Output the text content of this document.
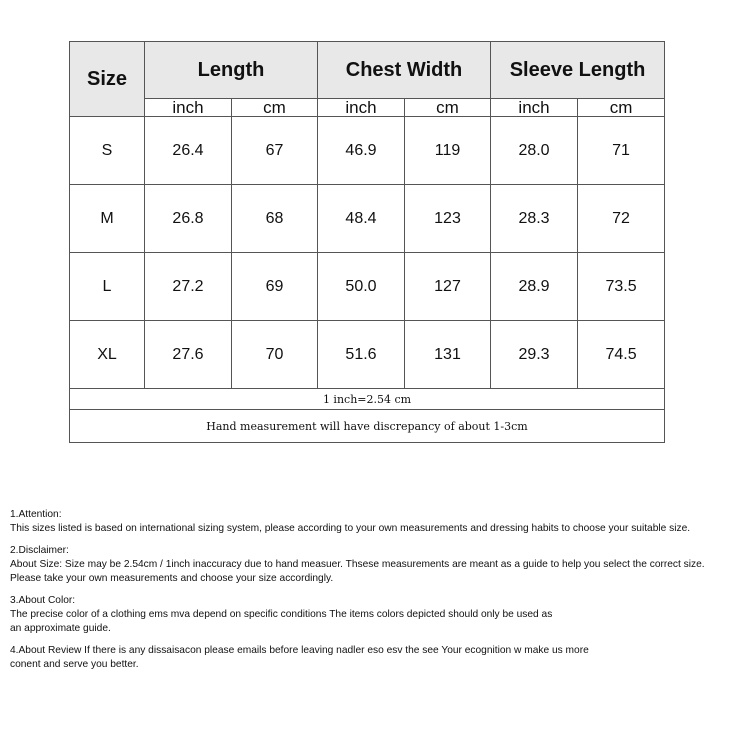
Size	Length		Chest Width		Sleeve Length	
	inch	cm	inch	cm	inch	cm
S	26.4	67	46.9	119	28.0	71
M	26.8	68	48.4	123	28.3	72
L	27.2	69	50.0	127	28.9	73.5
XL	27.6	70	51.6	131	29.3	74.5
1 inch=2.54 cm						
Hand measurement will have discrepancy of about 1-3cm						
1.Attention:
This sizes listed is based on international sizing system, please according to your own measurements and dressing habits to choose your suitable size.
2.Disclaimer:
About Size: Size may be 2.54cm / 1inch inaccuracy due to hand measuer. Thsese measurements are meant as a guide to help you select the correct size.
Please take your own measurements and choose your size accordingly.
3.About Color:
The precise color of a clothing ems mva depend on specific conditions The items colors depicted should only be used as
an approximate guide.
4.About Review If there is any dissaisacon please emails before leaving nadler eso esv the see Your ecognition w make us more
conent and serve you better.
